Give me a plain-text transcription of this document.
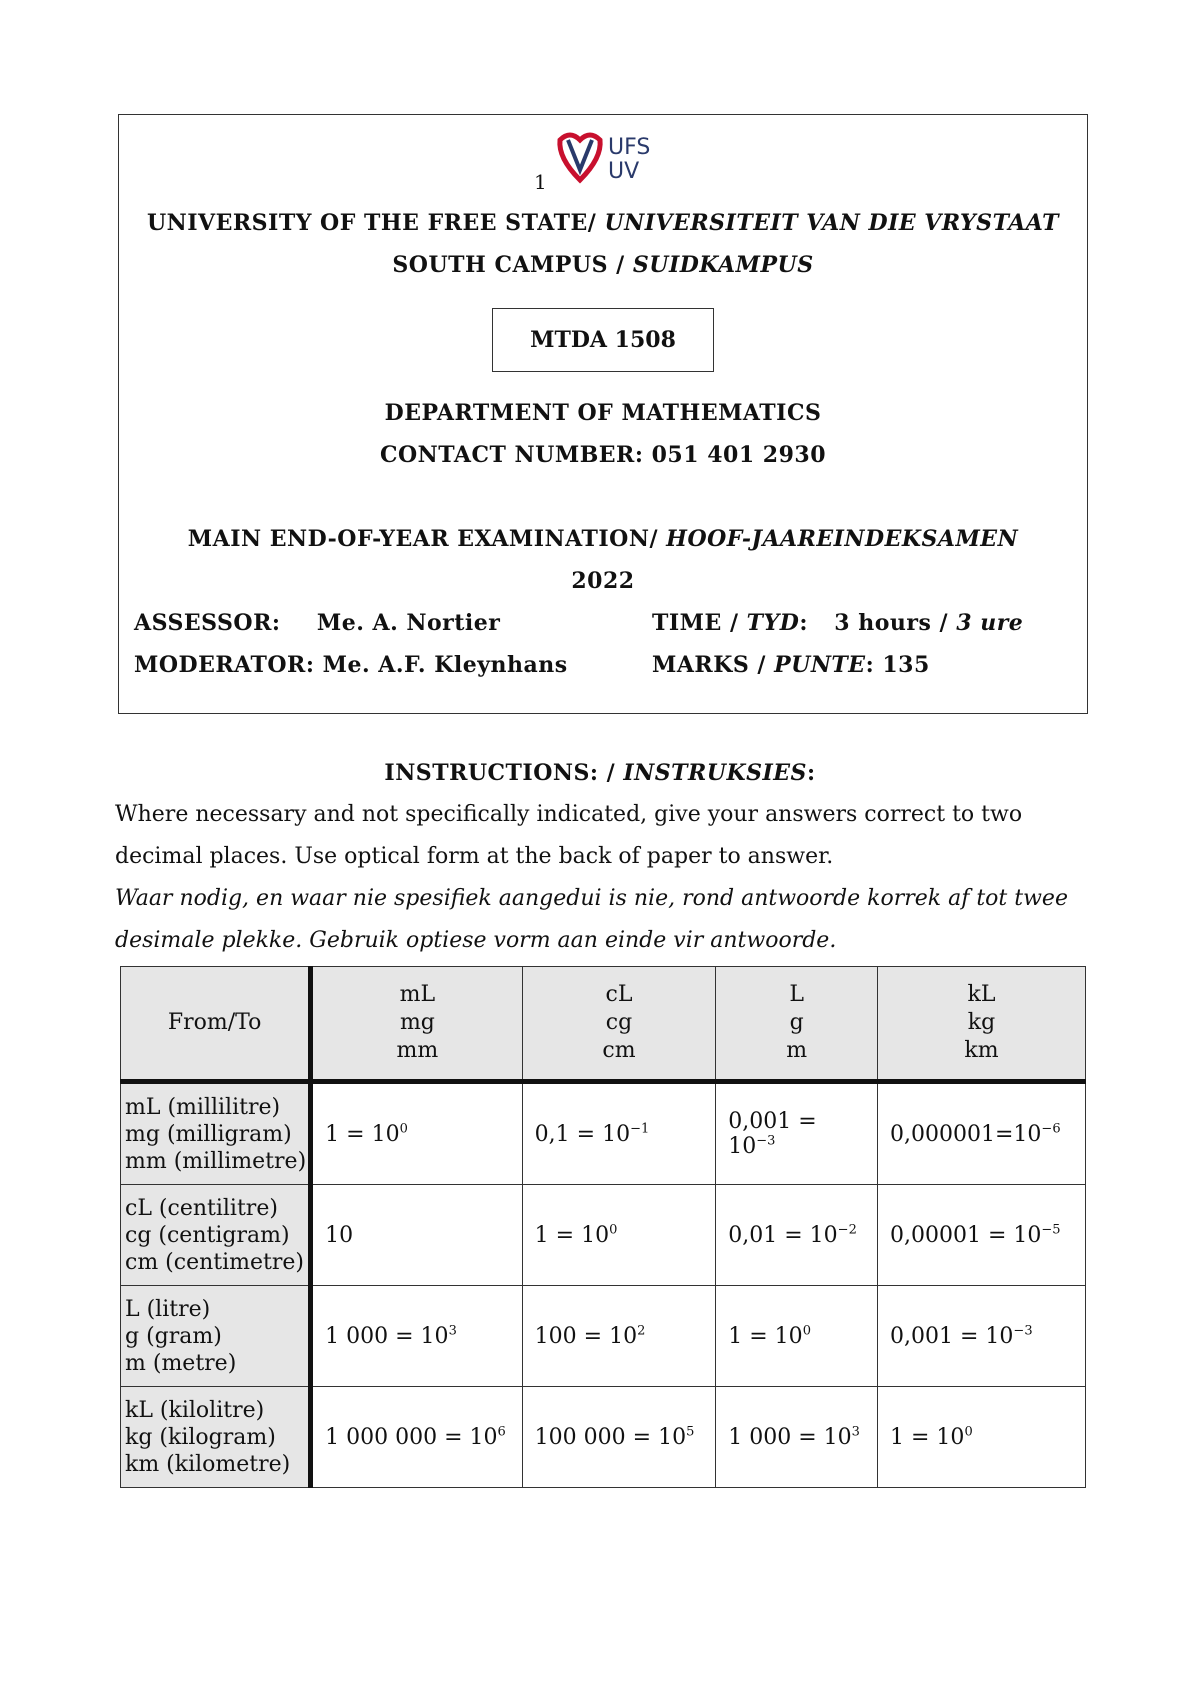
UFS
UV
1
UNIVERSITY OF THE FREE STATE/ UNIVERSITEIT VAN DIE VRYSTAAT
SOUTH CAMPUS / SUIDKAMPUS
MTDA 1508
DEPARTMENT OF MATHEMATICS
CONTACT NUMBER: 051 401 2930
MAIN END-OF-YEAR EXAMINATION/ HOOF-JAAREINDEKSAMEN
2022
ASSESSOR: Me. A. Nortier
MODERATOR: Me. A.F. Kleynhans
TIME / TYD:  3 hours / 3 ure
MARKS / PUNTE: 135
INSTRUCTIONS: / INSTRUKSIES:
Where necessary and not specifically indicated, give your answers correct to two
decimal places. Use optical form at the back of paper to answer.
Waar nodig, en waar nie spesifiek aangedui is nie, rond antwoorde korrek af tot twee
desimale plekke. Gebruik optiese vorm aan einde vir antwoorde.
From/To	mL
mg
mm	cL
cg
cm	L
g
m	kL
kg
km
mL (millilitre)
mg (milligram)
mm (millimetre)	$1 = 10^0$	$0,1 = 10^{-1}$	$0,001 = 10^{-3}$	$0,000001=10^{-6}$
cL (centilitre)
cg (centigram)
cm (centimetre)	10	$1 = 10^0$	$0,01 = 10^{-2}$	$0,00001 = 10^{-5}$
L (litre)
g (gram)
m (metre)	1 $000 = 10^3$	$100 = 10^2$	$1 = 10^0$	$0,001 = 10^{-3}$
kL (kilolitre)
kg (kilogram)
km (kilometre)	1 000 $000 = 10^6$	100 $000 = 10^5$	1 $000 = 10^3$	$1 = 10^0$
